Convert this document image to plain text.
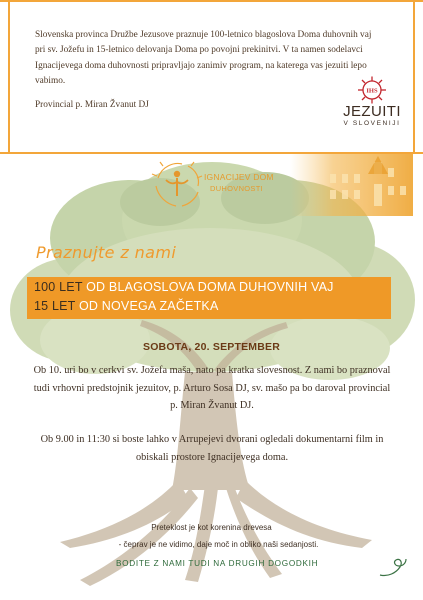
Slovenska provinca Družbe Jezusove praznuje 100-letnico blagoslova Doma duhovnih vaj pri sv. Jožefu in 15-letnico delovanja Doma po povojni prekinitvi. V ta namen sodelavci Ignacijevega doma duhovnosti pripravljajo zanimiv program, na katerega vas jezuiti lepo vabimo.

Provincial p. Miran Žvanut DJ

IHS
JEZUITI
V SLOVENIJI
IGNACIJEV DOM
DUHOVNOSTI
Praznujte z nami
100 LET OD BLAGOSLOVA DOMA DUHOVNIH VAJ
15 LET OD NOVEGA ZAČETKA
SOBOTA, 20. SEPTEMBER

Ob 10. uri bo v cerkvi sv. Jožefa maša, nato pa kratka slovesnost. Z nami bo praznoval tudi vrhovni predstojnik jezuitov, p. Arturo Sosa DJ, sv. mašo pa bo daroval provincial p. Miran Žvanut DJ.

Ob 9.00 in 11:30 si boste lahko v Arrupejevi dvorani ogledali dokumentarni film in obiskali prostore Ignacijevega doma.

Preteklost je kot korenina drevesa
- čeprav je ne vidimo, daje moč in obliko naši sedanjosti.
BODITE Z NAMI TUDI NA DRUGIH DOGODKIH
